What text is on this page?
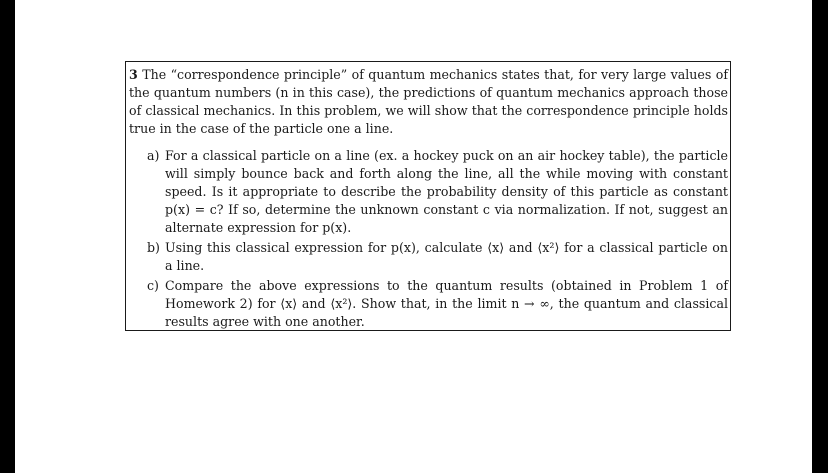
3 The “correspondence principle” of quantum mechanics states that, for very large values of the quantum numbers (n in this case), the predictions of quantum mechanics approach those of classical mechanics. In this problem, we will show that the correspondence principle holds true in the case of the particle one a line.

a) For a classical particle on a line (ex. a hockey puck on an air hockey table), the particle will simply bounce back and forth along the line, all the while moving with constant speed. Is it appropriate to describe the probability density of this particle as constant p(x) = c? If so, determine the unknown constant c via normalization. If not, suggest an alternate expression for p(x).
b) Using this classical expression for p(x), calculate ⟨x⟩ and ⟨x²⟩ for a classical particle on a line.
c) Compare the above expressions to the quantum results (obtained in Problem 1 of Homework 2) for ⟨x⟩ and ⟨x²⟩. Show that, in the limit n → ∞, the quantum and classical results agree with one another.
